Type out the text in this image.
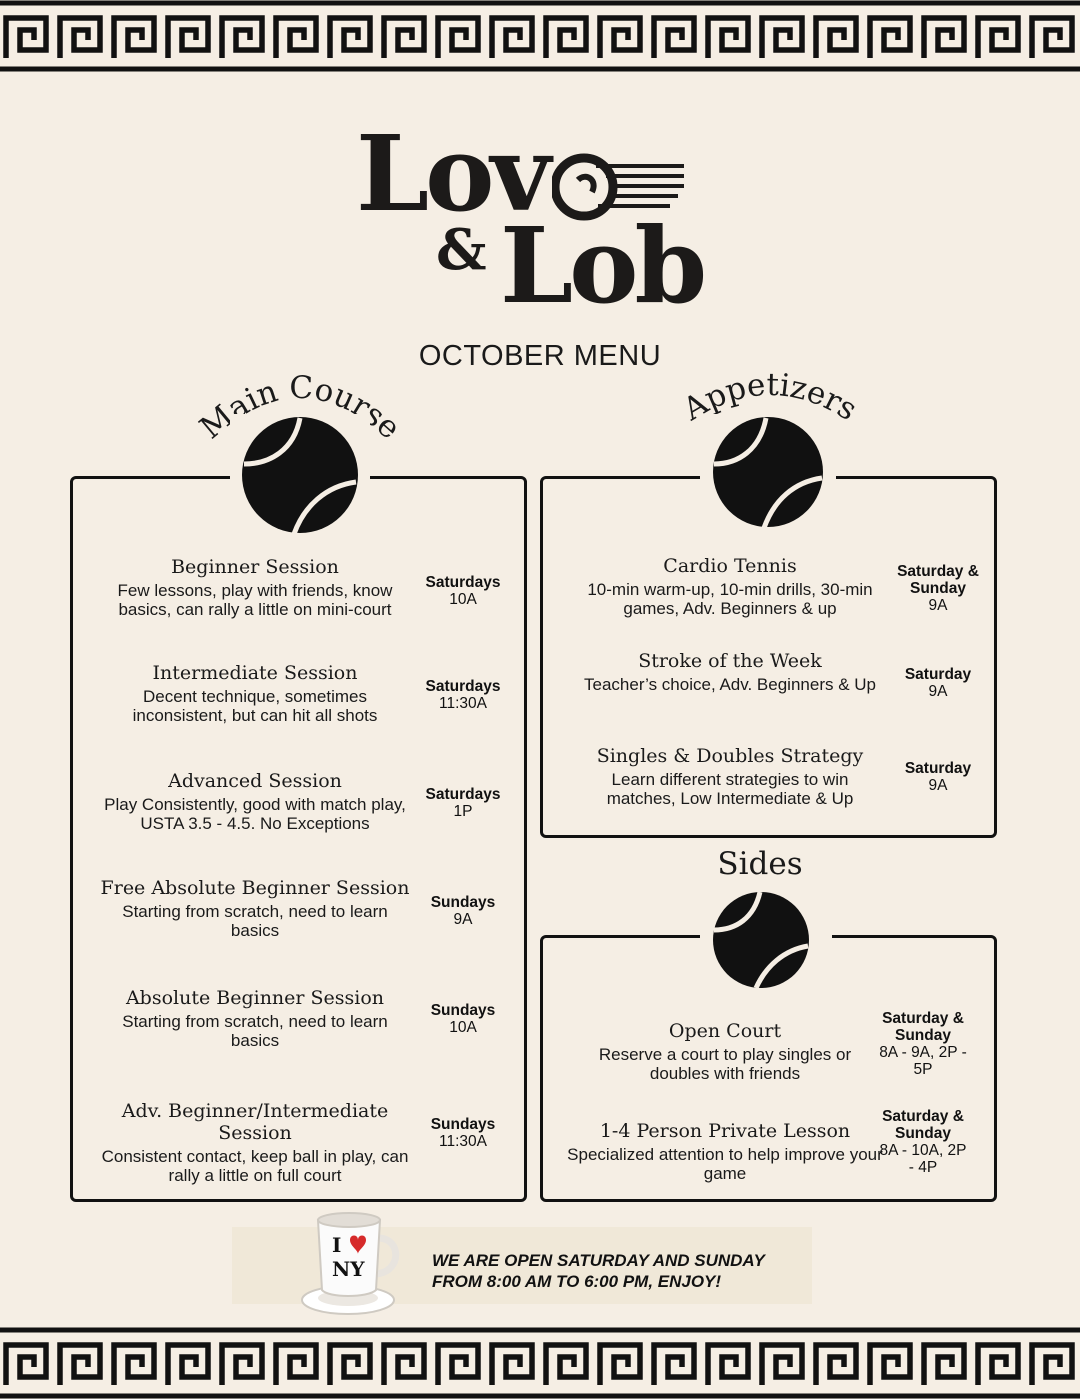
Lov
& Lob
OCTOBER MENU
Main Course	Appetizers
Sides
Beginner Session
Few lessons, play with friends, know basics, can rally a little on mini-court
Saturdays
10A
Intermediate Session
Decent technique, sometimes inconsistent, but can hit all shots
Saturdays
11:30A
Advanced Session
Play Consistently, good with match play, USTA 3.5 - 4.5. No Exceptions
Saturdays
1P
Free Absolute Beginner Session
Starting from scratch, need to learn basics
Sundays
9A
Absolute Beginner Session
Starting from scratch, need to learn basics
Sundays
10A
Adv. Beginner/Intermediate Session
Consistent contact, keep ball in play, can rally a little on full court
Sundays
11:30A
Cardio Tennis
10-min warm-up, 10-min drills, 30-min games, Adv. Beginners & up
Saturday & Sunday
9A
Stroke of the Week
Teacher’s choice, Adv. Beginners & Up
Saturday
9A
Singles & Doubles Strategy
Learn different strategies to win matches, Low Intermediate & Up
Saturday
9A
Open Court
Reserve a court to play singles or doubles with friends
Saturday & Sunday
8A - 9A, 2P - 5P
1-4 Person Private Lesson
Specialized attention to help improve your game
Saturday & Sunday
8A - 10A, 2P - 4P
I
NY	WE ARE OPEN SATURDAY AND SUNDAY
FROM 8:00 AM TO 6:00 PM, ENJOY!
